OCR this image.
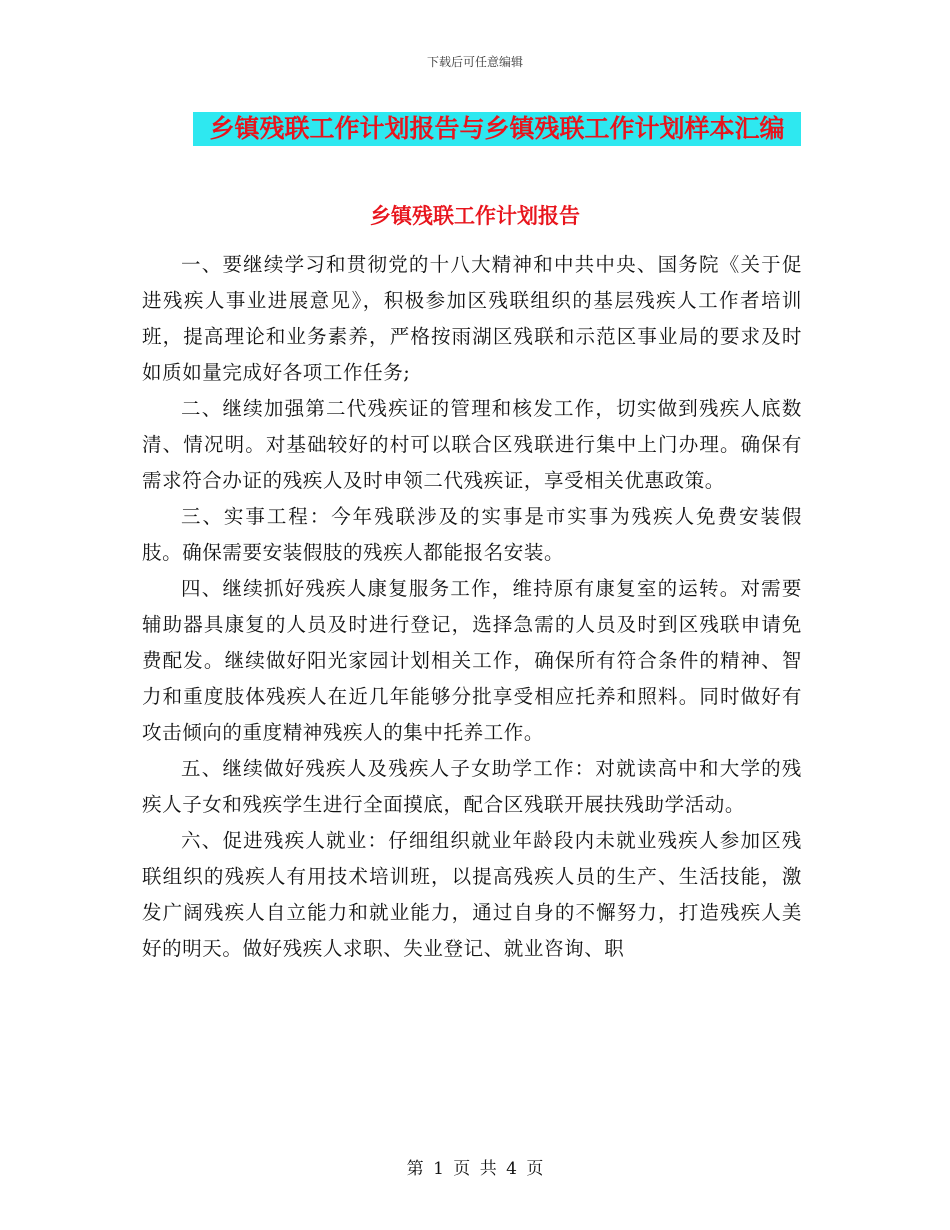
下载后可任意编辑
乡镇残联工作计划报告与乡镇残联工作计划样本汇编
乡镇残联工作计划报告

一、要继续学习和贯彻党的十八大精神和中共中央、国务院《关于促进残疾人事业进展意见》，积极参加区残联组织的基层残疾人工作者培训班，提高理论和业务素养，严格按雨湖区残联和示范区事业局的要求及时如质如量完成好各项工作任务;

二、继续加强第二代残疾证的管理和核发工作，切实做到残疾人底数清、情况明。对基础较好的村可以联合区残联进行集中上门办理。确保有需求符合办证的残疾人及时申领二代残疾证，享受相关优惠政策。

三、实事工程：今年残联涉及的实事是市实事为残疾人免费安装假肢。确保需要安装假肢的残疾人都能报名安装。

四、继续抓好残疾人康复服务工作，维持原有康复室的运转。对需要辅助器具康复的人员及时进行登记，选择急需的人员及时到区残联申请免费配发。继续做好阳光家园计划相关工作，确保所有符合条件的精神、智力和重度肢体残疾人在近几年能够分批享受相应托养和照料。同时做好有攻击倾向的重度精神残疾人的集中托养工作。

五、继续做好残疾人及残疾人子女助学工作：对就读高中和大学的残疾人子女和残疾学生进行全面摸底，配合区残联开展扶残助学活动。

六、促进残疾人就业：仔细组织就业年龄段内未就业残疾人参加区残联组织的残疾人有用技术培训班，以提高残疾人员的生产、生活技能，激发广阔残疾人自立能力和就业能力，通过自身的不懈努力，打造残疾人美好的明天。做好残疾人求职、失业登记、就业咨询、职

第 1 页 共 4 页
